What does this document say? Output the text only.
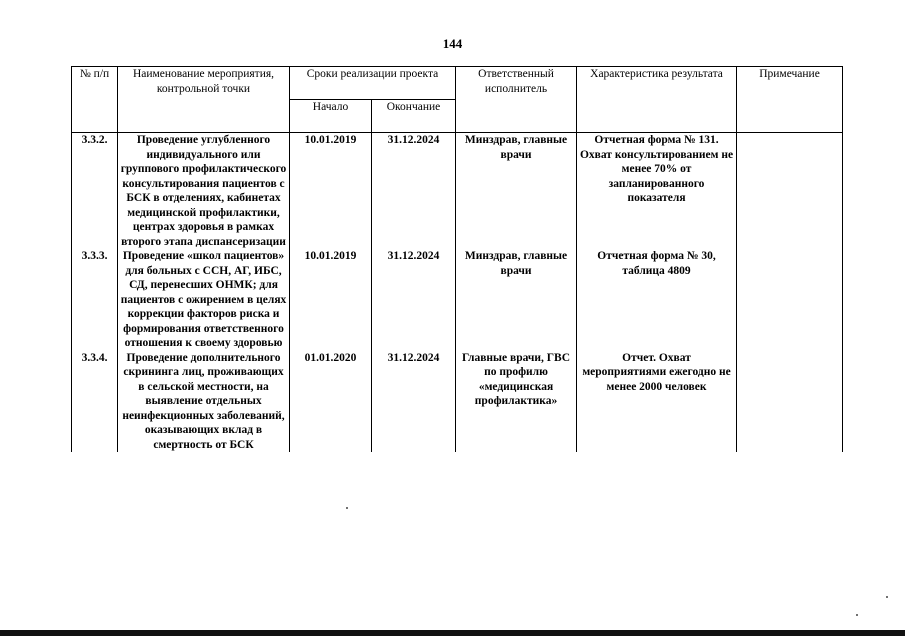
144
№ п/п	Наименование мероприятия, контрольной точки	Сроки реализации проекта		Ответственный исполнитель	Характеристика результата	Примечание
		Начало	Окончание			
3.3.2.	Проведение углубленного индивидуального или группового профилактического консультирования пациентов с БСК в отделениях, кабинетах медицинской профилактики, центрах здоровья в рамках второго этапа диспансеризации	10.01.2019	31.12.2024	Минздрав, главные врачи	Отчетная форма № 131. Охват консультированием не менее 70% от запланированного показателя	
3.3.3.	Проведение «школ пациентов» для больных с ССН, АГ, ИБС, СД, перенесших ОНМК; для пациентов с ожирением в целях коррекции факторов риска и формирования ответственного отношения к своему здоровью	10.01.2019	31.12.2024	Минздрав, главные врачи	Отчетная форма № 30, таблица 4809	
3.3.4.	Проведение дополнительного скрининга лиц, проживающих в сельской местности, на выявление отдельных неинфекционных заболеваний, оказывающих вклад в смертность от БСК	01.01.2020	31.12.2024	Главные врачи, ГВС по профилю «медицинская профилактика»	Отчет. Охват мероприятиями ежегодно не менее 2000 человек	
